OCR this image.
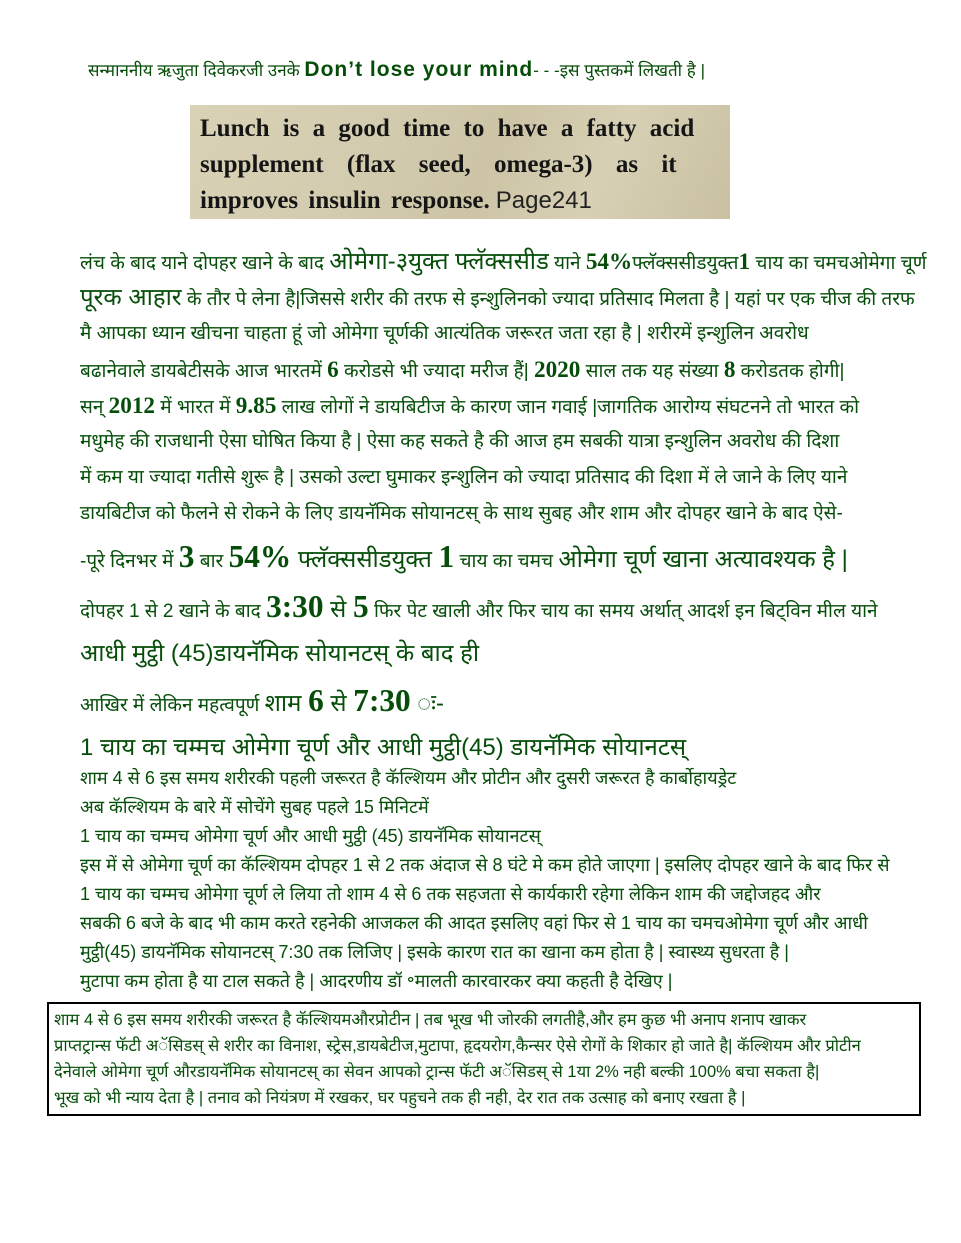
सन्माननीय ऋजुता दिवेकरजी उनके Don’t lose your mind- - -इस पुस्तकमें लिखती है |

Lunch is a good time to have a fatty acid
supplement (flax seed, omega-3) as it
improves insulin response. Page241

लंच के बाद याने दोपहर खाने के बाद ओमेगा-३युक्त फ्लॅक्ससीड याने 54%फ्लॅक्ससीडयुक्त1 चाय का चमचओमेगा चूर्ण

पूरक आहार के तौर पे लेना है|जिससे शरीर की तरफ से इन्शुलिनको ज्यादा प्रतिसाद मिलता है | यहां पर एक चीज की तरफ

मै आपका ध्यान खीचना चाहता हूं जो ओमेगा चूर्णकी आत्यंतिक जरूरत जता रहा है | शरीरमें इन्शुलिन अवरोध

बढानेवाले डायबेटीसके आज भारतमें 6 करोडसे भी ज्यादा मरीज हैं| 2020 साल तक यह संख्या 8 करोडतक होगी|

सन् 2012 में भारत में 9.85 लाख लोगों ने डायबिटीज के कारण जान गवाई |जागतिक आरोग्य संघटनने तो भारत को

मधुमेह की राजधानी ऐसा घोषित किया है | ऐसा कह सकते है की आज हम सबकी यात्रा इन्शुलिन अवरोध की दिशा

में कम या ज्यादा गतीसे शुरू है | उसको उल्टा घुमाकर इन्शुलिन को ज्यादा प्रतिसाद की दिशा में ले जाने के लिए याने

डायबिटीज को फैलने से रोकने के लिए डायनॅमिक सोयानटस् के साथ सुबह और शाम और दोपहर खाने के बाद ऐसे-

-पूरे दिनभर में 3 बार 54% फ्लॅक्ससीडयुक्त 1 चाय का चमच ओमेगा चूर्ण खाना अत्यावश्यक है |

दोपहर 1 से 2 खाने के बाद 3:30 से 5 फिर पेट खाली और फिर चाय का समय अर्थात् आदर्श इन बिट्विन मील याने

आधी मुट्ठी (45)डायनॅमिक सोयानटस् के बाद ही

आखिर में लेकिन महत्वपूर्ण शाम 6 से 7:30 ः-

1 चाय का चम्मच ओमेगा चूर्ण और आधी मुट्ठी(45) डायनॅमिक सोयानटस्

शाम 4 से 6 इस समय शरीरकी पहली जरूरत है कॅल्शियम और प्रोटीन और दुसरी जरूरत है कार्बोहायड्रेट

अब कॅल्शियम के बारे में सोचेंगे सुबह पहले 15 मिनिटमें

1 चाय का चम्मच ओमेगा चूर्ण और आधी मुट्ठी (45) डायनॅमिक सोयानटस्

इस में से ओमेगा चूर्ण का कॅल्शियम दोपहर 1 से 2 तक अंदाज से 8 घंटे मे कम होते जाएगा | इसलिए दोपहर खाने के बाद फिर से

1 चाय का चम्मच ओमेगा चूर्ण ले लिया तो शाम 4 से 6 तक सहजता से कार्यकारी रहेगा लेकिन शाम की जद्दोजहद और

सबकी 6 बजे के बाद भी काम करते रहनेकी आजकल की आदत इसलिए वहां फिर से 1 चाय का चमचओमेगा चूर्ण और आधी

मुट्ठी(45) डायनॅमिक सोयानटस् 7:30 तक लिजिए | इसके कारण रात का खाना कम होता है | स्वास्थ्य सुधरता है |

मुटापा कम होता है या टाल सकते है | आदरणीय डॉ ॰मालती कारवारकर क्या कहती है देखिए |

शाम 4 से 6 इस समय शरीरकी जरूरत है कॅल्शियमऔरप्रोटीन | तब भूख भी जोरकी लगतीहै,और हम कुछ भी अनाप शनाप खाकर

प्राप्तट्रान्स फॅटी अॅसिडस् से शरीर का विनाश, स्ट्रेस,डायबेटीज,मुटापा, हृदयरोग,कैन्सर ऐसे रोगों के शिकार हो जाते है| कॅल्शियम और प्रोटीन

देनेवाले ओमेगा चूर्ण औरडायनॅमिक सोयानटस् का सेवन आपको ट्रान्स फॅटी अॅसिडस् से 1या 2% नही बल्की 100% बचा सकता है|

भूख को भी न्याय देता है | तनाव को नियंत्रण में रखकर, घर पहुचने तक ही नही, देर रात तक उत्साह को बनाए रखता है |
